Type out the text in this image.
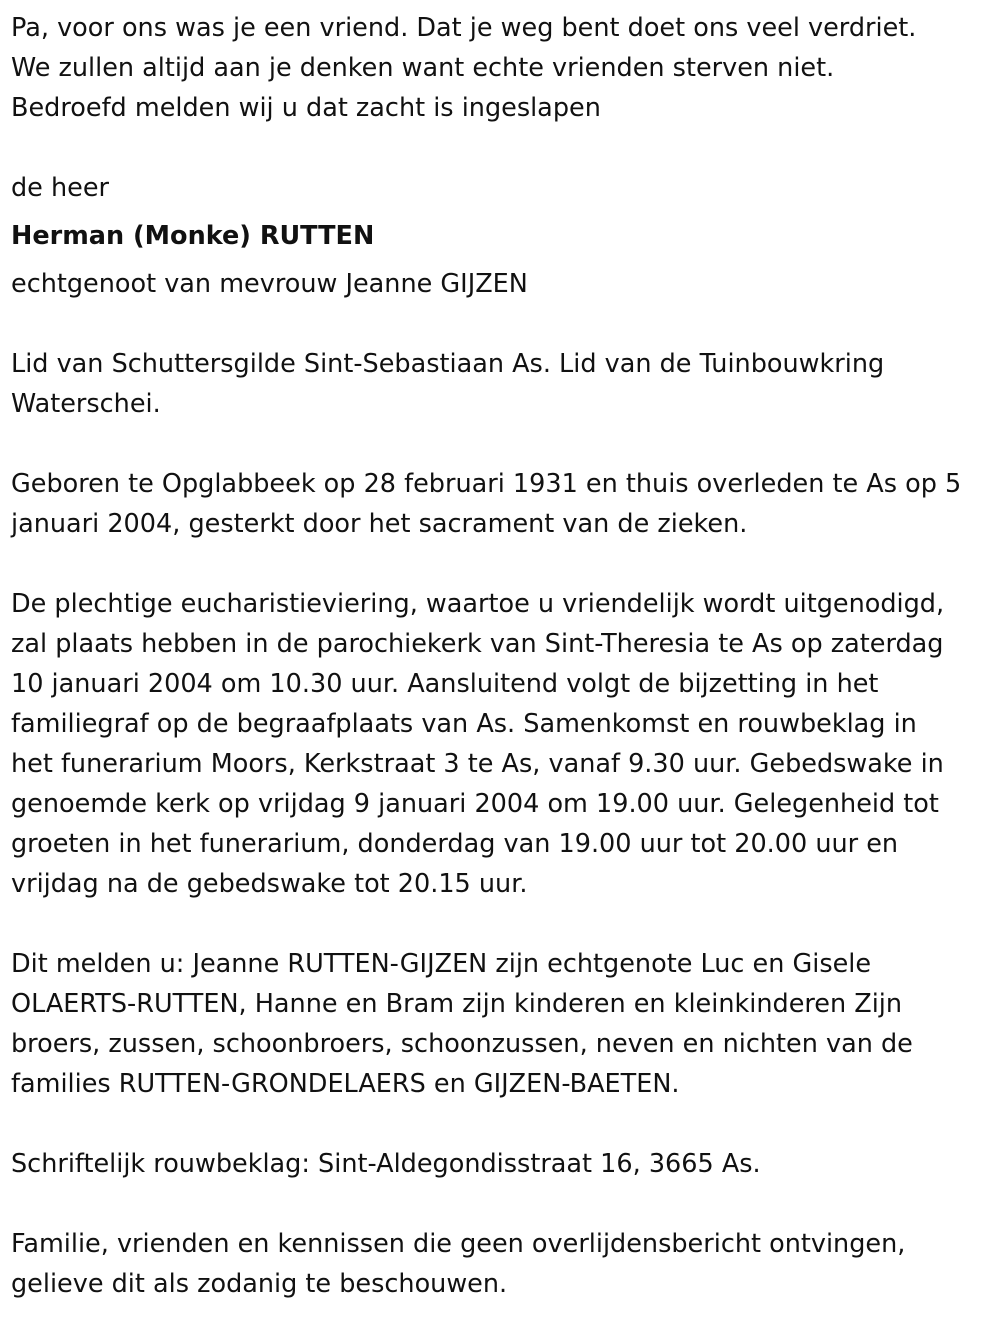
Pa, voor ons was je een vriend. Dat je weg bent doet ons veel verdriet.
We zullen altijd aan je denken want echte vrienden sterven niet.
Bedroefd melden wij u dat zacht is ingeslapen

de heer

Herman (Monke) RUTTEN

echtgenoot van mevrouw Jeanne GIJZEN

Lid van Schuttersgilde Sint-Sebastiaan As. Lid van de Tuinbouwkring
Waterschei.

Geboren te Opglabbeek op 28 februari 1931 en thuis overleden te As op 5
januari 2004, gesterkt door het sacrament van de zieken.

De plechtige eucharistieviering, waartoe u vriendelijk wordt uitgenodigd,
zal plaats hebben in de parochiekerk van Sint-Theresia te As op zaterdag
10 januari 2004 om 10.30 uur. Aansluitend volgt de bijzetting in het
familiegraf op de begraafplaats van As. Samenkomst en rouwbeklag in
het funerarium Moors, Kerkstraat 3 te As, vanaf 9.30 uur. Gebedswake in
genoemde kerk op vrijdag 9 januari 2004 om 19.00 uur. Gelegenheid tot
groeten in het funerarium, donderdag van 19.00 uur tot 20.00 uur en
vrijdag na de gebedswake tot 20.15 uur.

Dit melden u: Jeanne RUTTEN-GIJZEN zijn echtgenote Luc en Gisele
OLAERTS-RUTTEN, Hanne en Bram zijn kinderen en kleinkinderen Zijn
broers, zussen, schoonbroers, schoonzussen, neven en nichten van de
families RUTTEN-GRONDELAERS en GIJZEN-BAETEN.

Schriftelijk rouwbeklag: Sint-Aldegondisstraat 16, 3665 As.

Familie, vrienden en kennissen die geen overlijdensbericht ontvingen,
gelieve dit als zodanig te beschouwen.
